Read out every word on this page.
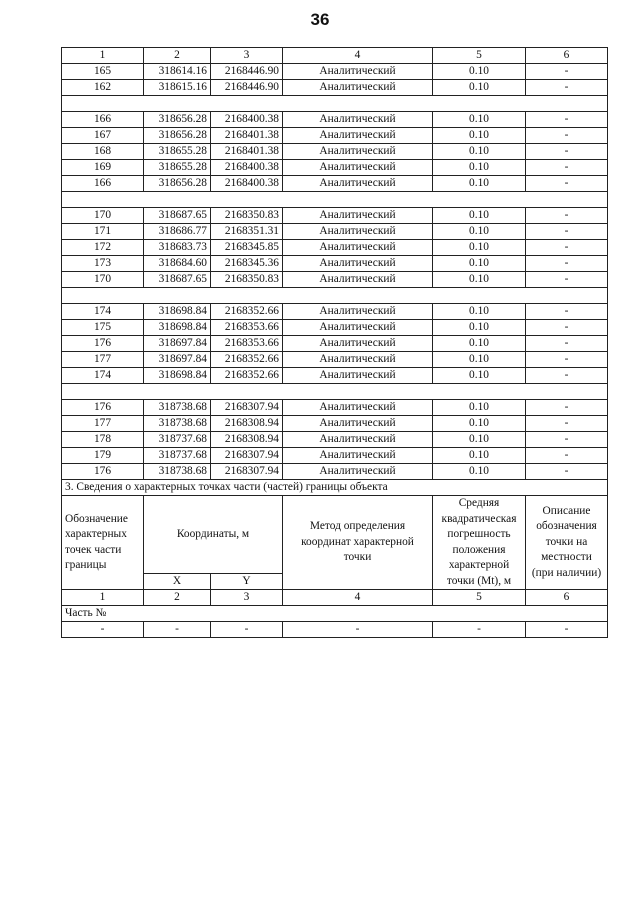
36
1	2	3	4	5	6
165	318614.16	2168446.90	Аналитический	0.10	-
162	318615.16	2168446.90	Аналитический	0.10	-

166	318656.28	2168400.38	Аналитический	0.10	-
167	318656.28	2168401.38	Аналитический	0.10	-
168	318655.28	2168401.38	Аналитический	0.10	-
169	318655.28	2168400.38	Аналитический	0.10	-
166	318656.28	2168400.38	Аналитический	0.10	-

170	318687.65	2168350.83	Аналитический	0.10	-
171	318686.77	2168351.31	Аналитический	0.10	-
172	318683.73	2168345.85	Аналитический	0.10	-
173	318684.60	2168345.36	Аналитический	0.10	-
170	318687.65	2168350.83	Аналитический	0.10	-

174	318698.84	2168352.66	Аналитический	0.10	-
175	318698.84	2168353.66	Аналитический	0.10	-
176	318697.84	2168353.66	Аналитический	0.10	-
177	318697.84	2168352.66	Аналитический	0.10	-
174	318698.84	2168352.66	Аналитический	0.10	-

176	318738.68	2168307.94	Аналитический	0.10	-
177	318738.68	2168308.94	Аналитический	0.10	-
178	318737.68	2168308.94	Аналитический	0.10	-
179	318737.68	2168307.94	Аналитический	0.10	-
176	318738.68	2168307.94	Аналитический	0.10	-
3. Сведения о характерных точках части (частей) границы объекта					
Обозначение характерных точек части границы	Координаты, м		Метод определения координат характерной точки	Средняя квадратическая погрешность положения характерной точки (Mt), м	Описание обозначения точки на местности (при наличии)
	X	Y			
1	2	3	4	5	6
Часть №					
-	-	-	-	-	-
